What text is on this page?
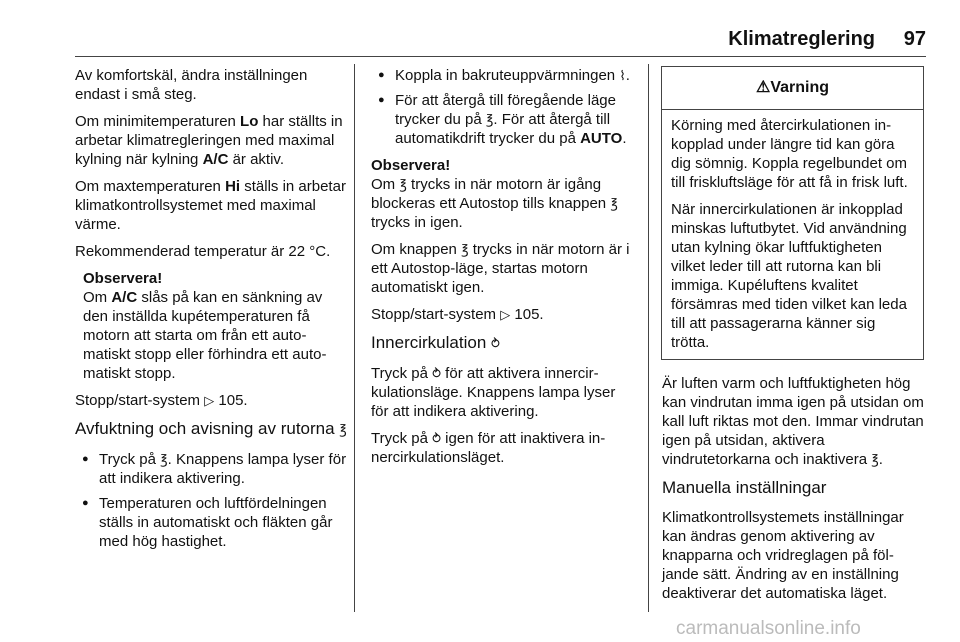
Klimatreglering 97

Av komfortskäl, ändra inställningen endast i små steg.

Om minimitemperaturen Lo har ställts in arbetar klimatregleringen med maximal kylning när kylning A/C är aktiv.

Om maxtemperaturen Hi ställs in arbetar klimatkontrollsystemet med maximal värme.

Rekommenderad temperatur är 22 °C.

Observera!

Om A/C slås på kan en sänkning av den inställda kupétemperaturen få motorn att starta om från ett automatiskt stopp eller förhindra ett automatiskt stopp.

Stopp/start-system ▷ 105.

Avfuktning och avisning av rutorna ℥
● Tryck på ℥. Knappens lampa lyser för att indikera aktivering.
● Temperaturen och luftfördelningen ställs in automatiskt och fläkten går med hög hastighet.
● Koppla in bakruteuppvärmningen ⌇.
● För att återgå till föregående läge trycker du på ℥. För att återgå till automatikdrift trycker du på AUTO.

Observera!

Om ℥ trycks in när motorn är igång blockeras ett Autostop tills knappen ℥ trycks in igen.

Om knappen ℥ trycks in när motorn är i ett Autostop-läge, startas motorn automatiskt igen.

Stopp/start-system ▷ 105.

Innercirkulation ⥁

Tryck på ⥁ för att aktivera innercirkulationsläge. Knappens lampa lyser för att indikera aktivering.

Tryck på ⥁ igen för att inaktivera innercirkulationsläget.

⚠Varning

Körning med återcirkulationen inkopplad under längre tid kan göra dig sömnig. Koppla regelbundet om till friskluftsläge för att få in frisk luft.

När innercirkulationen är inkopplad minskas luftutbytet. Vid användning utan kylning ökar luftfuktigheten vilket leder till att rutorna kan bli immiga. Kupéluftens kvalitet försämras med tiden vilket kan leda till att passagerarna känner sig trötta.

Är luften varm och luftfuktigheten hög kan vindrutan imma igen på utsidan om kall luft riktas mot den. Immar vindrutan igen på utsidan, aktivera vindrutetorkarna och inaktivera ℥.

Manuella inställningar

Klimatkontrollsystemets inställningar kan ändras genom aktivering av knapparna och vridreglagen på följande sätt. Ändring av en inställning deaktiverar det automatiska läget.

carmanualsonline.info
